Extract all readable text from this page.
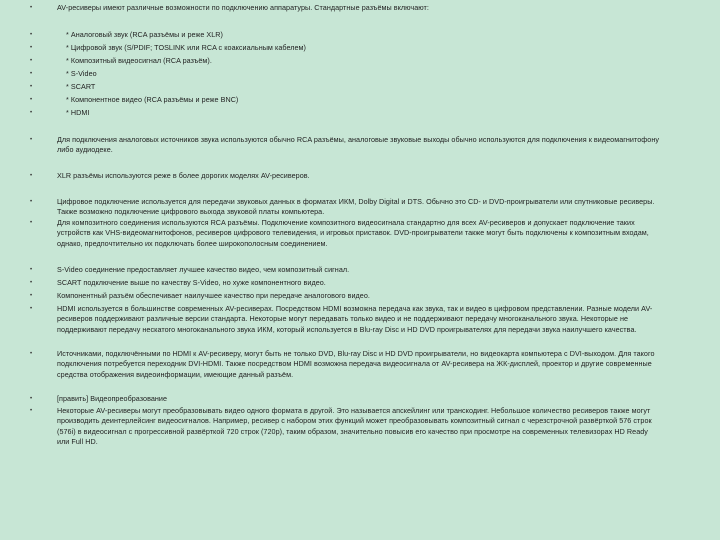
•	AV-ресиверы имеют различные возможности по подключению аппаратуры. Стандартные разъёмы включают:

•	* Аналоговый звук (RCA разъёмы и реже XLR)

•	* Цифровой звук (S/PDIF; TOSLINK или RCA с коаксиальным кабелем)

•	* Композитный видеосигнал (RCA разъём).

•	* S-Video

•	* SCART

•	* Компонентное видео (RCA разъёмы и реже BNC)

•	* HDMI

•	Для подключения аналоговых источников звука используются обычно RCA разъёмы, аналоговые звуковые выходы обычно используются для подключения к видеомагнитофону либо аудиодеке.

•	XLR разъёмы используются реже в более дорогих моделях AV-ресиверов.

•	Цифровое подключение используется для передачи звуковых данных в форматах ИКМ, Dolby Digital и DTS. Обычно это CD- и DVD-проигрыватели или спутниковые ресиверы. Также возможно подключение цифрового выхода звуковой платы компьютера.

•	Для композитного соединения используются RCA разъёмы. Подключение композитного видеосигнала стандартно для всех AV-ресиверов и допускает подключение таких устройств как VHS-видеомагнитофонов, ресиверов цифрового телевидения, и игровых приставок. DVD-проигрыватели также могут быть подключены к композитным входам, однако, предпочтительно их подключать более широкополосным соединением.

•	S-Video соединение предоставляет лучшее качество видео, чем композитный сигнал.

•	SCART подключение выше по качеству S-Video, но хуже компонентного видео.

•	Компонентный разъём обеспечивает наилучшее качество при передаче аналогового видео.

•	HDMI используется в большинстве современных AV-ресиверах. Посредством HDMI возможна передача как звука, так и видео в цифровом представлении. Разные модели AV-ресиверов поддерживают различные версии стандарта. Некоторые могут передавать только видео и не поддерживают передачу многоканального звука. Некоторые не поддерживают передачу нескатого многоканального звука ИКМ, который используется в Blu-ray Disc и HD DVD проигрывателях для передачи звука наилучшего качества.

•	Источниками, подключёнными по HDMI к AV-ресиверу, могут быть не только DVD, Blu-ray Disc и HD DVD проигрыватели, но видеокарта компьютера с DVI-выходом. Для такого подключения потребуется переходник DVI-HDMI. Также посредством HDMI возможна передача видеосигнала от AV-ресивера на ЖК-дисплей, проектор и другие современные средства отображения видеоинформации, имеющие данный разъём.

•	[править] Видеопреобразование

•	Некоторые AV-ресиверы могут преобразовывать видео одного формата в другой. Это называется апскейлинг или транскодинг. Небольшое количество ресиверов также могут производить деинтерлейсинг видеосигналов. Например, ресивер с набором этих функций может преобразовывать композитный сигнал с черезстрочной развёрткой 576 строк (576i) в видеосигнал с прогрессивной развёрткой 720 строк (720p), таким образом, значительно повысив его качество при просмотре на современных телевизорах HD Ready или Full HD.
